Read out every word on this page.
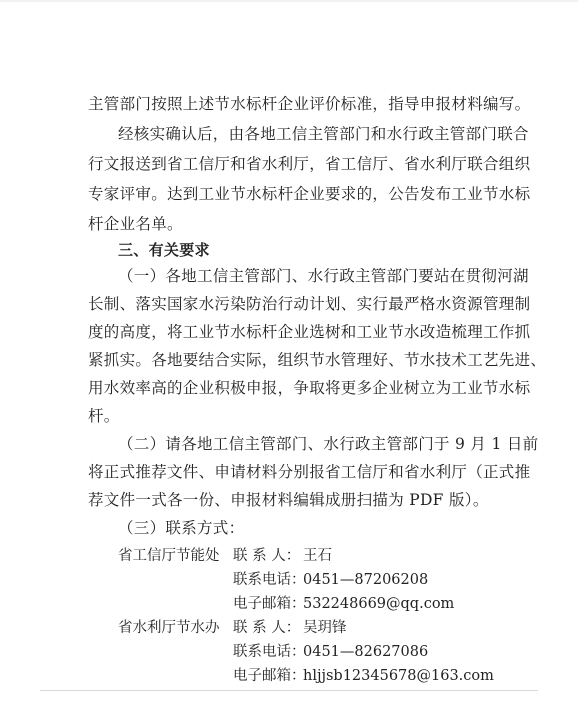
主管部门按照上述节水标杆企业评价标准，指导申报材料编写。
经核实确认后，由各地工信主管部门和水行政主管部门联合
行文报送到省工信厅和省水利厅，省工信厅、省水利厅联合组织
专家评审。达到工业节水标杆企业要求的，公告发布工业节水标
杆企业名单。
三、有关要求
（一）各地工信主管部门、水行政主管部门要站在贯彻河湖
长制、落实国家水污染防治行动计划、实行最严格水资源管理制
度的高度，将工业节水标杆企业选树和工业节水改造梳理工作抓
紧抓实。各地要结合实际，组织节水管理好、节水技术工艺先进、
用水效率高的企业积极申报，争取将更多企业树立为工业节水标
杆。
（二）请各地工信主管部门、水行政主管部门于 9 月 1 日前
将正式推荐文件、申请材料分别报省工信厅和省水利厅（正式推
荐文件一式各一份、申报材料编辑成册扫描为 PDF 版）。
（三）联系方式：
省工信厅节能处 联 系 人： 王石
联系电话：
0451—87206208
电子邮箱：
532248669@qq.com
省水利厅节水办 联 系 人： 吴玥锋
联系电话：
0451—82627086
电子邮箱：
hljjsb12345678@163.com
